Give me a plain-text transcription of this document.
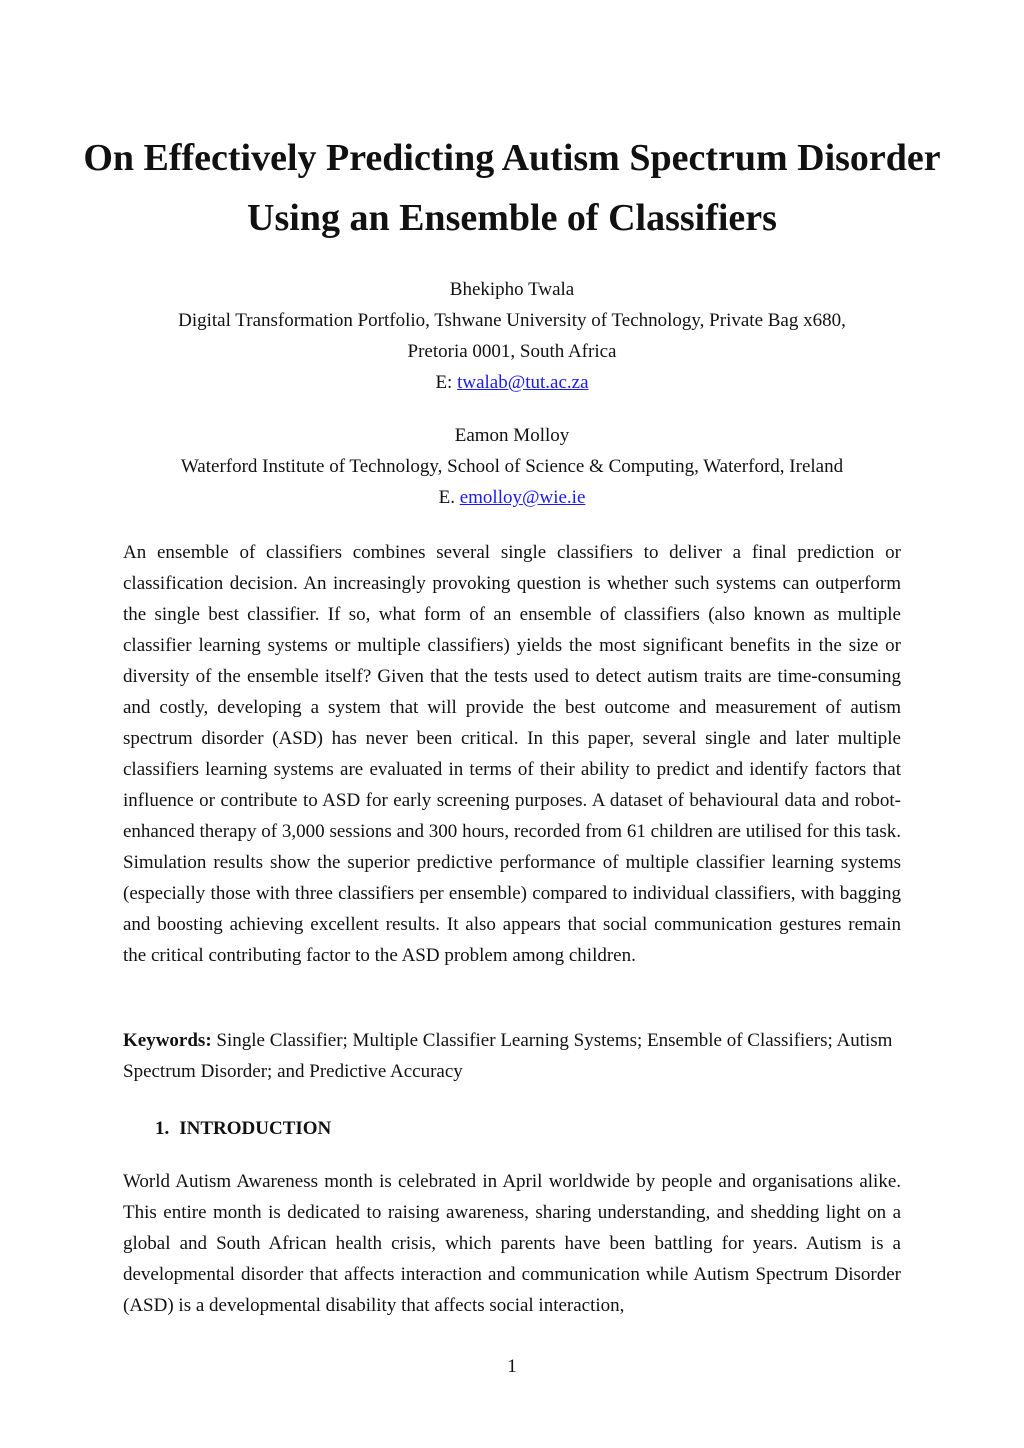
On Effectively Predicting Autism Spectrum Disorder Using an Ensemble of Classifiers
Bhekipho Twala
Digital Transformation Portfolio, Tshwane University of Technology, Private Bag x680,
Pretoria 0001, South Africa
E: twalab@tut.ac.za
Eamon Molloy
Waterford Institute of Technology, School of Science & Computing, Waterford, Ireland
E. emolloy@wie.ie

An ensemble of classifiers combines several single classifiers to deliver a final prediction or classification decision. An increasingly provoking question is whether such systems can outperform the single best classifier. If so, what form of an ensemble of classifiers (also known as multiple classifier learning systems or multiple classifiers) yields the most significant benefits in the size or diversity of the ensemble itself? Given that the tests used to detect autism traits are time-consuming and costly, developing a system that will provide the best outcome and measurement of autism spectrum disorder (ASD) has never been critical. In this paper, several single and later multiple classifiers learning systems are evaluated in terms of their ability to predict and identify factors that influence or contribute to ASD for early screening purposes. A dataset of behavioural data and robot-enhanced therapy of 3,000 sessions and 300 hours, recorded from 61 children are utilised for this task. Simulation results show the superior predictive performance of multiple classifier learning systems (especially those with three classifiers per ensemble) compared to individual classifiers, with bagging and boosting achieving excellent results. It also appears that social communication gestures remain the critical contributing factor to the ASD problem among children.

Keywords: Single Classifier; Multiple Classifier Learning Systems; Ensemble of Classifiers; Autism Spectrum Disorder; and Predictive Accuracy

1. INTRODUCTION

World Autism Awareness month is celebrated in April worldwide by people and organisations alike. This entire month is dedicated to raising awareness, sharing understanding, and shedding light on a global and South African health crisis, which parents have been battling for years. Autism is a developmental disorder that affects interaction and communication while Autism Spectrum Disorder (ASD) is a developmental disability that affects social interaction,

1
